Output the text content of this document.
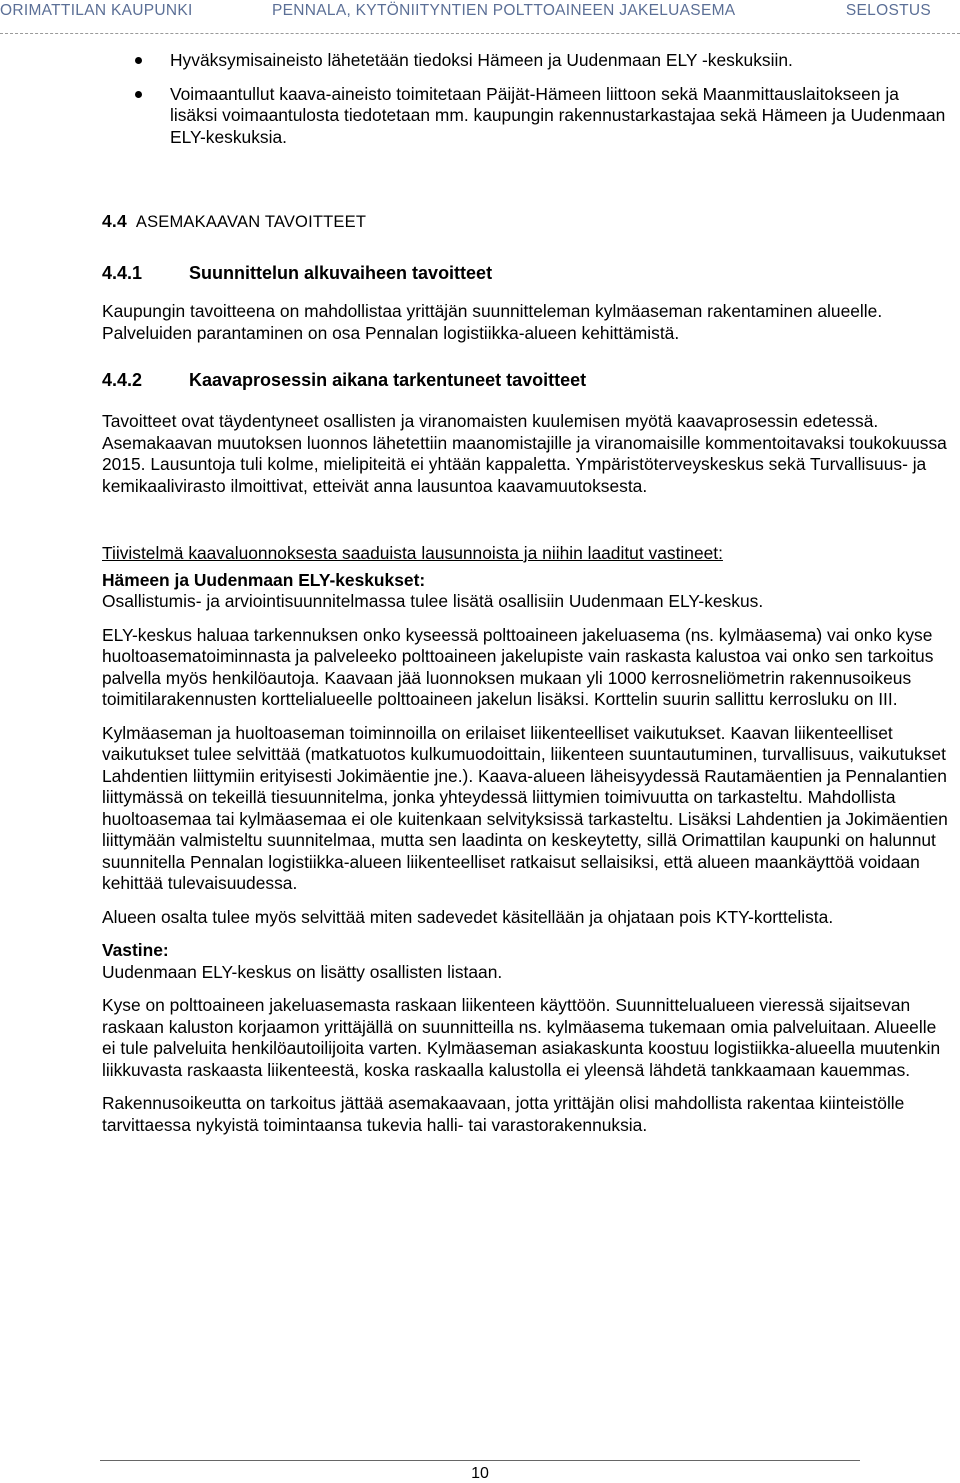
ORIMATTILAN KAUPUNKI	PENNALA, KYTÖNIITYNTIEN POLTTOAINEEN JAKELUASEMA	SELOSTUS
Hyväksymisaineisto lähetetään tiedoksi Hämeen ja Uudenmaan ELY -keskuksiin.
Voimaantullut kaava-aineisto toimitetaan Päijät-Hämeen liittoon sekä Maanmittauslaitokseen ja lisäksi voimaantulosta tiedotetaan mm. kaupungin rakennustarkastajaa sekä Hämeen ja Uudenmaan ELY-keskuksia.
4.4 ASEMAKAAVAN TAVOITTEET
4.4.1	Suunnittelun alkuvaiheen tavoitteet

Kaupungin tavoitteena on mahdollistaa yrittäjän suunnitteleman kylmäaseman rakentaminen alueelle. Palveluiden parantaminen on osa Pennalan logistiikka-alueen kehittämistä.

4.4.2	Kaavaprosessin aikana tarkentuneet tavoitteet

Tavoitteet ovat täydentyneet osallisten ja viranomaisten kuulemisen myötä kaavaprosessin edetessä. Asemakaavan muutoksen luonnos lähetettiin maanomistajille ja viranomaisille kommentoitavaksi toukokuussa 2015. Lausuntoja tuli kolme, mielipiteitä ei yhtään kappaletta. Ympäristöterveyskeskus sekä Turvallisuus- ja kemikaalivirasto ilmoittivat, etteivät anna lausuntoa kaavamuutoksesta.

Tiivistelmä kaavaluonnoksesta saaduista lausunnoista ja niihin laaditut vastineet:

Hämeen ja Uudenmaan ELY-keskukset:

Osallistumis- ja arviointisuunnitelmassa tulee lisätä osallisiin Uudenmaan ELY-keskus.

ELY-keskus haluaa tarkennuksen onko kyseessä polttoaineen jakeluasema (ns. kylmäasema) vai onko kyse huoltoasematoiminnasta ja palveleeko polttoaineen jakelupiste vain raskasta kalustoa vai onko sen tarkoitus palvella myös henkilöautoja. Kaavaan jää luonnoksen mukaan yli 1000 kerrosneliömetrin rakennusoikeus toimitilarakennusten korttelialueelle polttoaineen jakelun lisäksi. Korttelin suurin sallittu kerrosluku on III.

Kylmäaseman ja huoltoaseman toiminnoilla on erilaiset liikenteelliset vaikutukset. Kaavan liikenteelliset vaikutukset tulee selvittää (matkatuotos kulkumuodoittain, liikenteen suuntautuminen, turvallisuus, vaikutukset Lahdentien liittymiin erityisesti Jokimäentie jne.). Kaava-alueen läheisyydessä Rautamäentien ja Pennalantien liittymässä on tekeillä tiesuunnitelma, jonka yhteydessä liittymien toimivuutta on tarkasteltu. Mahdollista huoltoasemaa tai kylmäasemaa ei ole kuitenkaan selvityksissä tarkasteltu. Lisäksi Lahdentien ja Jokimäentien liittymään valmisteltu suunnitelmaa, mutta sen laadinta on keskeytetty, sillä Orimattilan kaupunki on halunnut suunnitella Pennalan logistiikka-alueen liikenteelliset ratkaisut sellaisiksi, että alueen maankäyttöä voidaan kehittää tulevaisuudessa.

Alueen osalta tulee myös selvittää miten sadevedet käsitellään ja ohjataan pois KTY-korttelista.

Vastine:

Uudenmaan ELY-keskus on lisätty osallisten listaan.

Kyse on polttoaineen jakeluasemasta raskaan liikenteen käyttöön. Suunnittelualueen vieressä sijaitsevan raskaan kaluston korjaamon yrittäjällä on suunnitteilla ns. kylmäasema tukemaan omia palveluitaan. Alueelle ei tule palveluita henkilöautoilijoita varten. Kylmäaseman asiakaskunta koostuu logistiikka-alueella muutenkin liikkuvasta raskaasta liikenteestä, koska raskaalla kalustolla ei yleensä lähdetä tankkaamaan kauemmas.

Rakennusoikeutta on tarkoitus jättää asemakaavaan, jotta yrittäjän olisi mahdollista rakentaa kiinteistölle tarvittaessa nykyistä toimintaansa tukevia halli- tai varastorakennuksia.

10
